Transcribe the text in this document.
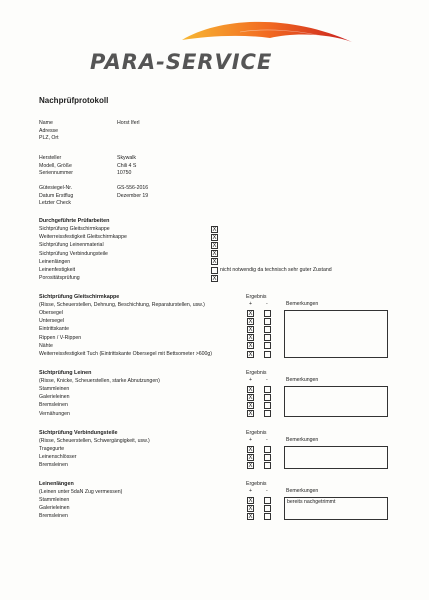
PARA-SERVICE
Nachprüfprotokoll
Name	Horst Iferl
Adresse
PLZ, Ort
Hersteller	Skywalk
Modell, Größe	Chili 4 S
Seriennummer	10750
Gütesiegel-Nr.	GS-556-2016
Datum Erstflug	Dezember 19
Letzter Check
Durchgeführte Prüfarbeiten
Sichtprüfung Gleitschirmkappe	X
Weiterreissfestigkeit Gleitschirmkappe	X
Sichtprüfung Leinenmaterial	X
Sichtprüfung Verbindungsteile	X
Leinenlängen	X
Leinenfestigkeit	nicht notwendig da technisch sehr guter Zustand
Porositätsprüfung	X
Sichtprüfung Gleitschirmkappe
(Risse, Scheuerstellen, Dehnung, Beschichtung, Reparaturstellen, usw.)
Ergebnis
+	-	Bemerkungen
Obersegel	X
Untersegel	X
Eintrittskante	X
Rippen / V-Rippen	X
Nähte	X
Weiterreissfestigkeit Tuch (Eintrittskante Obersegel mit Bettsometer >600g)	X
Sichtprüfung Leinen
(Risse, Knicke, Scheuerstellen, starke Abnutzungen)
Ergebnis
+	-	Bemerkungen
Stammleinen	X
Galerieleinen	X
Bremsleinen	X
Vernähungen	X
Sichtprüfung Verbindungsteile
(Risse, Scheuerstellen, Schwergängigkeit, usw.)
Ergebnis
+	-	Bemerkungen
Tragegurte	X
Leinenschlösser	X
Bremsleinen	X
Leinenlängen
(Leinen unter 5daN Zug vermessen)
Ergebnis
+	-	Bemerkungen
Stammleinen	X
Galerieleinen	X
Bremsleinen	X
bereits nachgetrimmt
